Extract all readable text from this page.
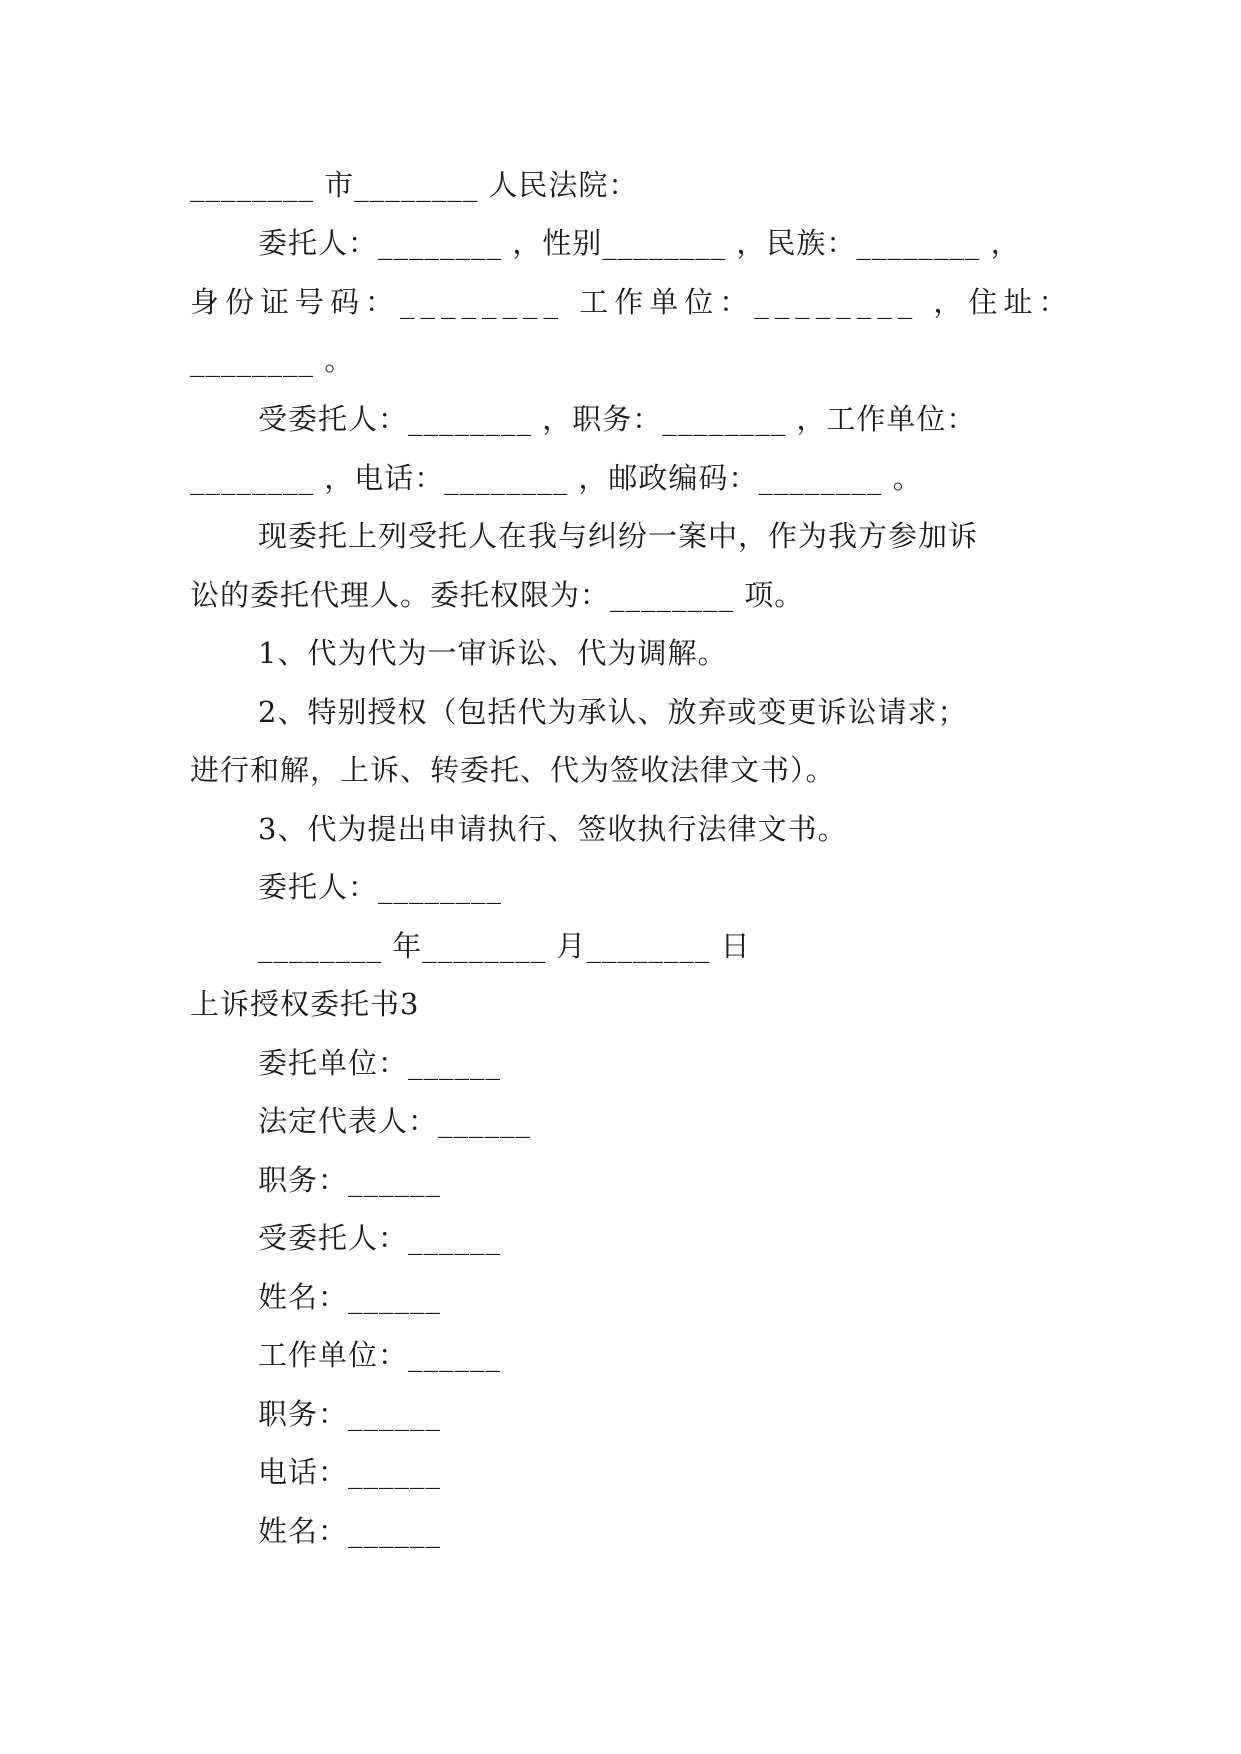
________ 市________ 人民法院：
委托人：________ ，性别________ ，民族：________ ，
身份证号码：________ 工作单位：________ ，住址：
________ 。
受委托人：________ ，职务：________ ，工作单位：
________ ，电话：________ ，邮政编码：________ 。
现委托上列受托人在我与纠纷一案中，作为我方参加诉
讼的委托代理人。委托权限为：________ 项。
1、代为代为一审诉讼、代为调解。
2、特别授权（包括代为承认、放弃或变更诉讼请求；
进行和解，上诉、转委托、代为签收法律文书）。
3、代为提出申请执行、签收执行法律文书。
委托人：________
________ 年________ 月________ 日
上诉授权委托书3
委托单位：______
法定代表人：______
职务：______
受委托人：______
姓名：______
工作单位：______
职务：______
电话：______
姓名：______
